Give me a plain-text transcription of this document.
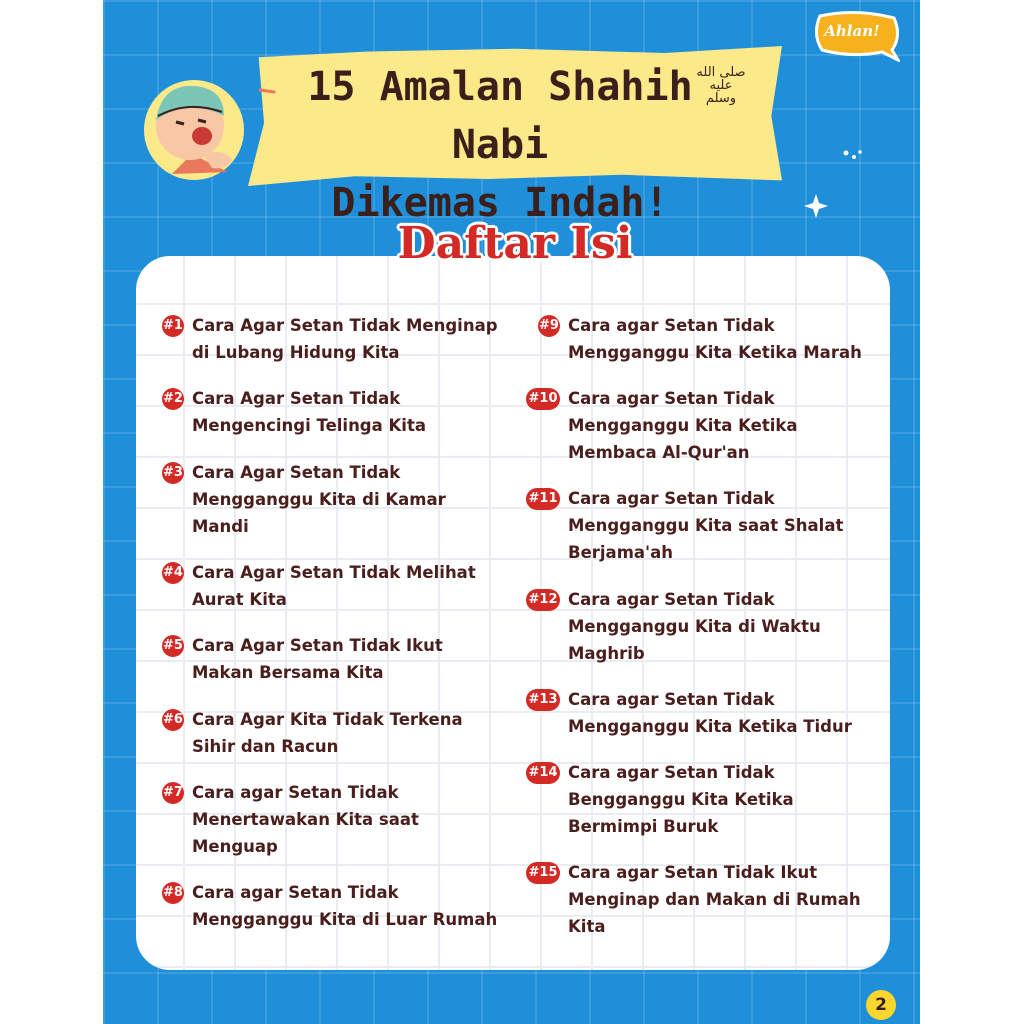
15 Amalan Shahih Nabi
Dikemas Indah!
صلى الله عليه وسلم
Ahlan!
Daftar Isi
#1 Cara Agar Setan Tidak Menginap di Lubang Hidung Kita
#2 Cara Agar Setan Tidak Mengencingi Telinga Kita
#3 Cara Agar Setan Tidak Mengganggu Kita di Kamar Mandi
#4 Cara Agar Setan Tidak Melihat Aurat Kita
#5 Cara Agar Setan Tidak Ikut Makan Bersama Kita
#6 Cara Agar Kita Tidak Terkena Sihir dan Racun
#7 Cara agar Setan Tidak Menertawakan Kita saat Menguap
#8 Cara agar Setan Tidak Mengganggu Kita di Luar Rumah
#9 Cara agar Setan Tidak Mengganggu Kita Ketika Marah
#10 Cara agar Setan Tidak Mengganggu Kita Ketika Membaca Al-Qur'an
#11 Cara agar Setan Tidak Mengganggu Kita saat Shalat Berjama'ah
#12 Cara agar Setan Tidak Mengganggu Kita di Waktu Maghrib
#13 Cara agar Setan Tidak Mengganggu Kita Ketika Tidur
#14 Cara agar Setan Tidak Bengganggu Kita Ketika Bermimpi Buruk
#15 Cara agar Setan Tidak Ikut Menginap dan Makan di Rumah Kita
2
